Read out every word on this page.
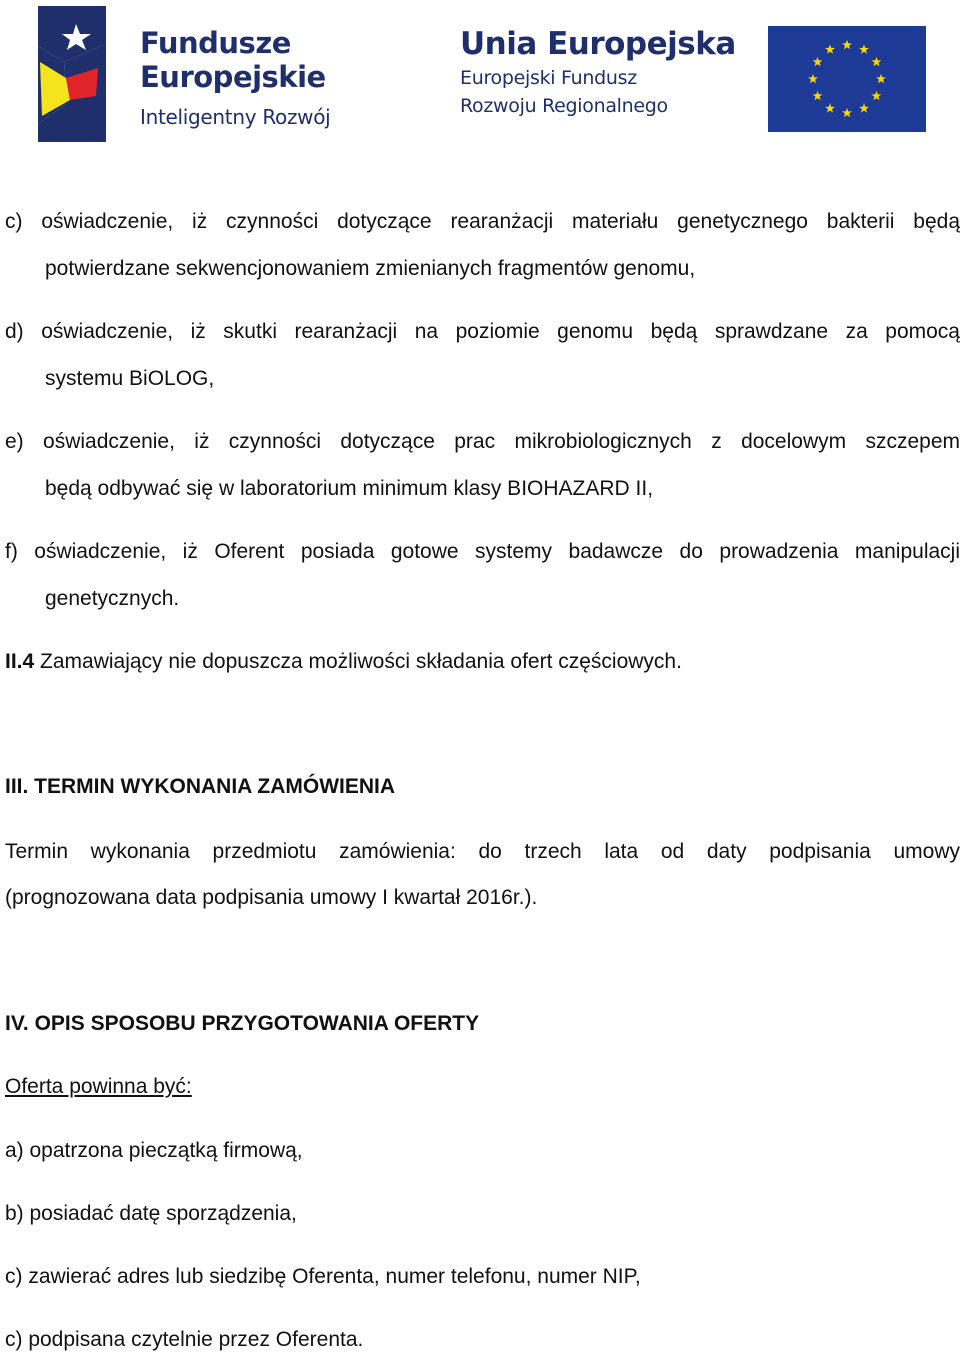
Fundusze
Europejskie
Inteligentny Rozwój
Unia Europejska
Europejski Fundusz
Rozwoju Regionalnego
c) oświadczenie, iż czynności dotyczące rearanżacji materiału genetycznego bakterii będą
potwierdzane sekwencjonowaniem zmienianych fragmentów genomu,
d) oświadczenie, iż skutki rearanżacji na poziomie genomu będą sprawdzane za pomocą
systemu BiOLOG,
e) oświadczenie, iż czynności dotyczące prac mikrobiologicznych z docelowym szczepem
będą odbywać się w laboratorium minimum klasy BIOHAZARD II,
f) oświadczenie, iż Oferent posiada gotowe systemy badawcze do prowadzenia manipulacji
genetycznych.
II.4 Zamawiający nie dopuszcza możliwości składania ofert częściowych.
III. TERMIN WYKONANIA ZAMÓWIENIA
Termin wykonania przedmiotu zamówienia: do trzech lata od daty podpisania umowy
(prognozowana data podpisania umowy I kwartał 2016r.).
IV. OPIS SPOSOBU PRZYGOTOWANIA OFERTY
Oferta powinna być:
a) opatrzona pieczątką firmową,
b) posiadać datę sporządzenia,
c) zawierać adres lub siedzibę Oferenta, numer telefonu, numer NIP,
c) podpisana czytelnie przez Oferenta.
